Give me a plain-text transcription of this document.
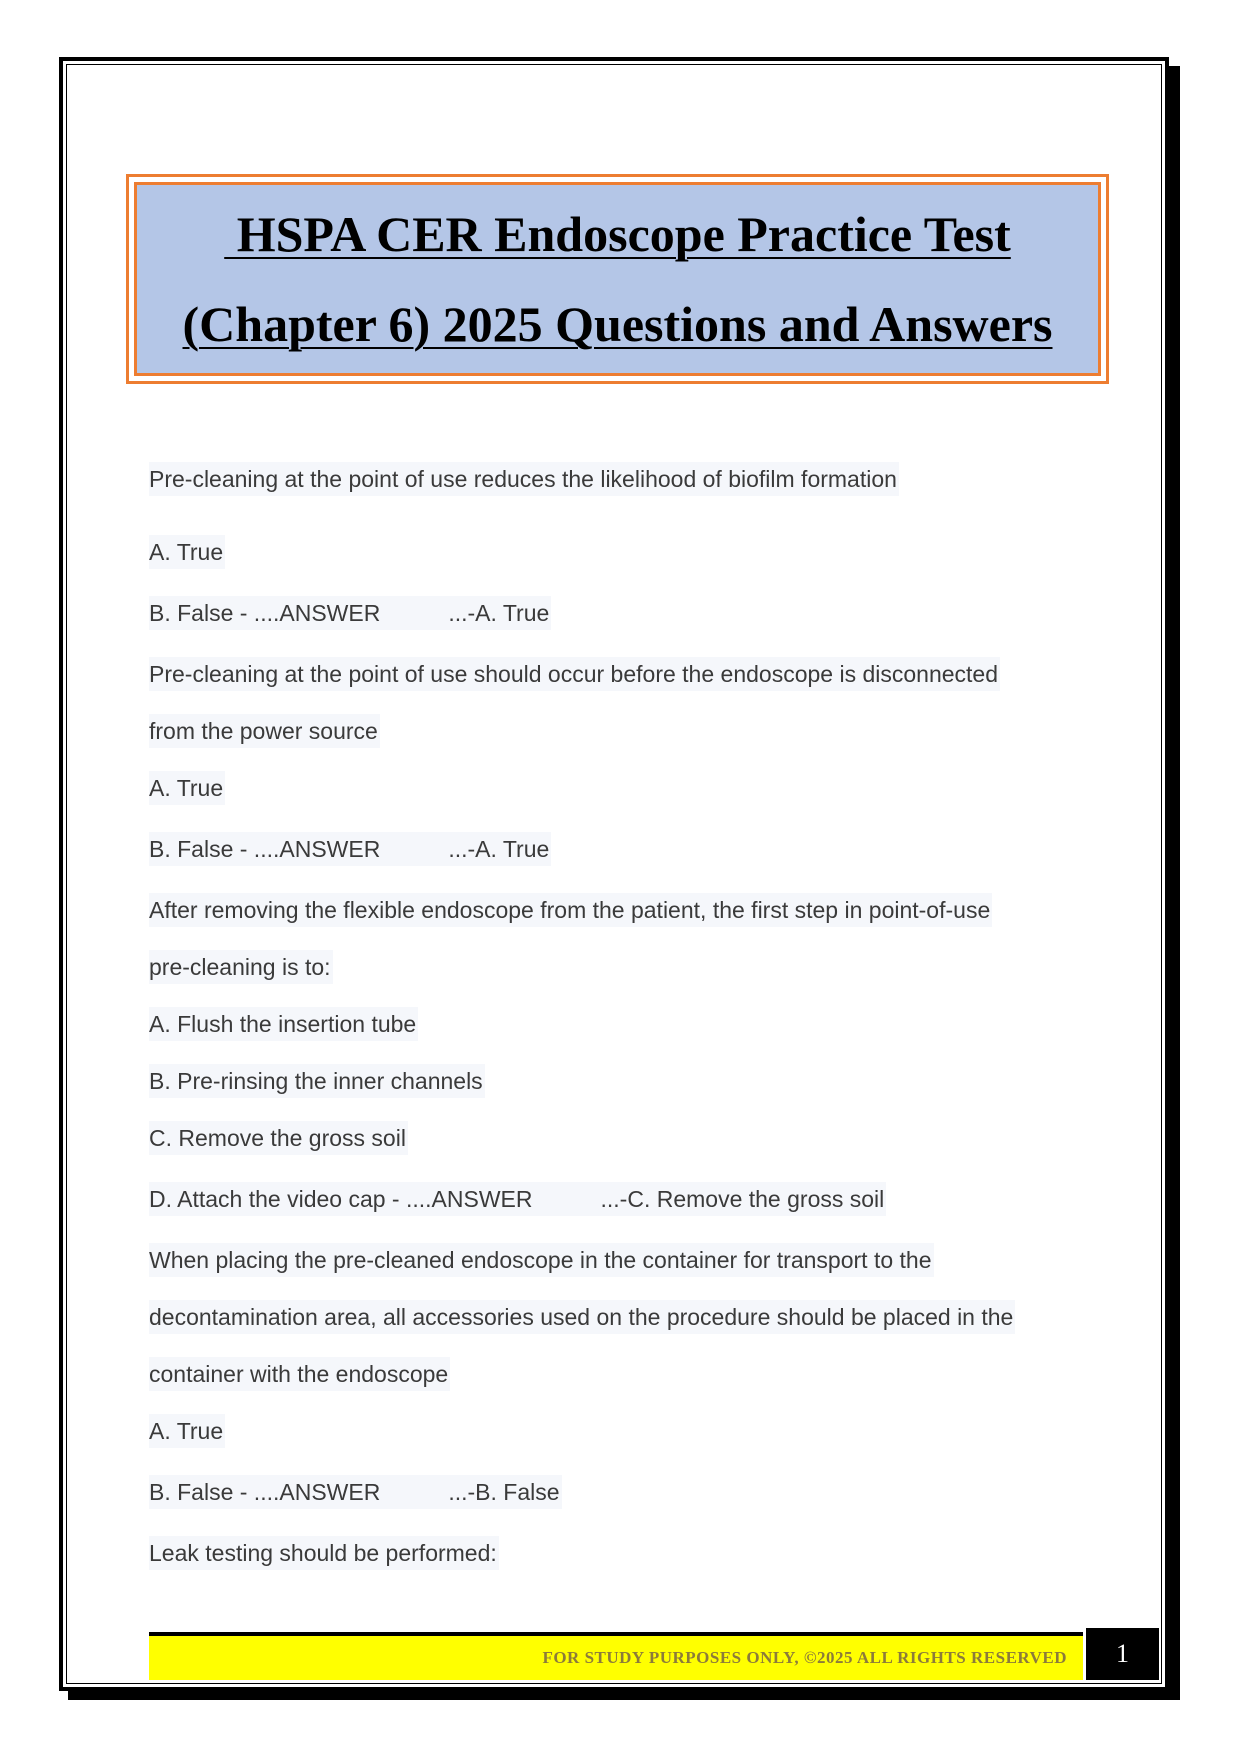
HSPA CER Endoscope Practice Test
(Chapter 6) 2025 Questions and Answers
Pre-cleaning at the point of use reduces the likelihood of biofilm formation
A. True
B. False - ....ANSWER	...-A. True
Pre-cleaning at the point of use should occur before the endoscope is disconnected
from the power source
A. True
B. False - ....ANSWER	...-A. True
After removing the flexible endoscope from the patient, the first step in point-of-use
pre-cleaning is to:
A. Flush the insertion tube
B. Pre-rinsing the inner channels
C. Remove the gross soil
D. Attach the video cap - ....ANSWER	...-C. Remove the gross soil
When placing the pre-cleaned endoscope in the container for transport to the
decontamination area, all accessories used on the procedure should be placed in the
container with the endoscope
A. True
B. False - ....ANSWER	...-B. False
Leak testing should be performed:
FOR STUDY PURPOSES ONLY, ©2025 ALL RIGHTS RESERVED	1
